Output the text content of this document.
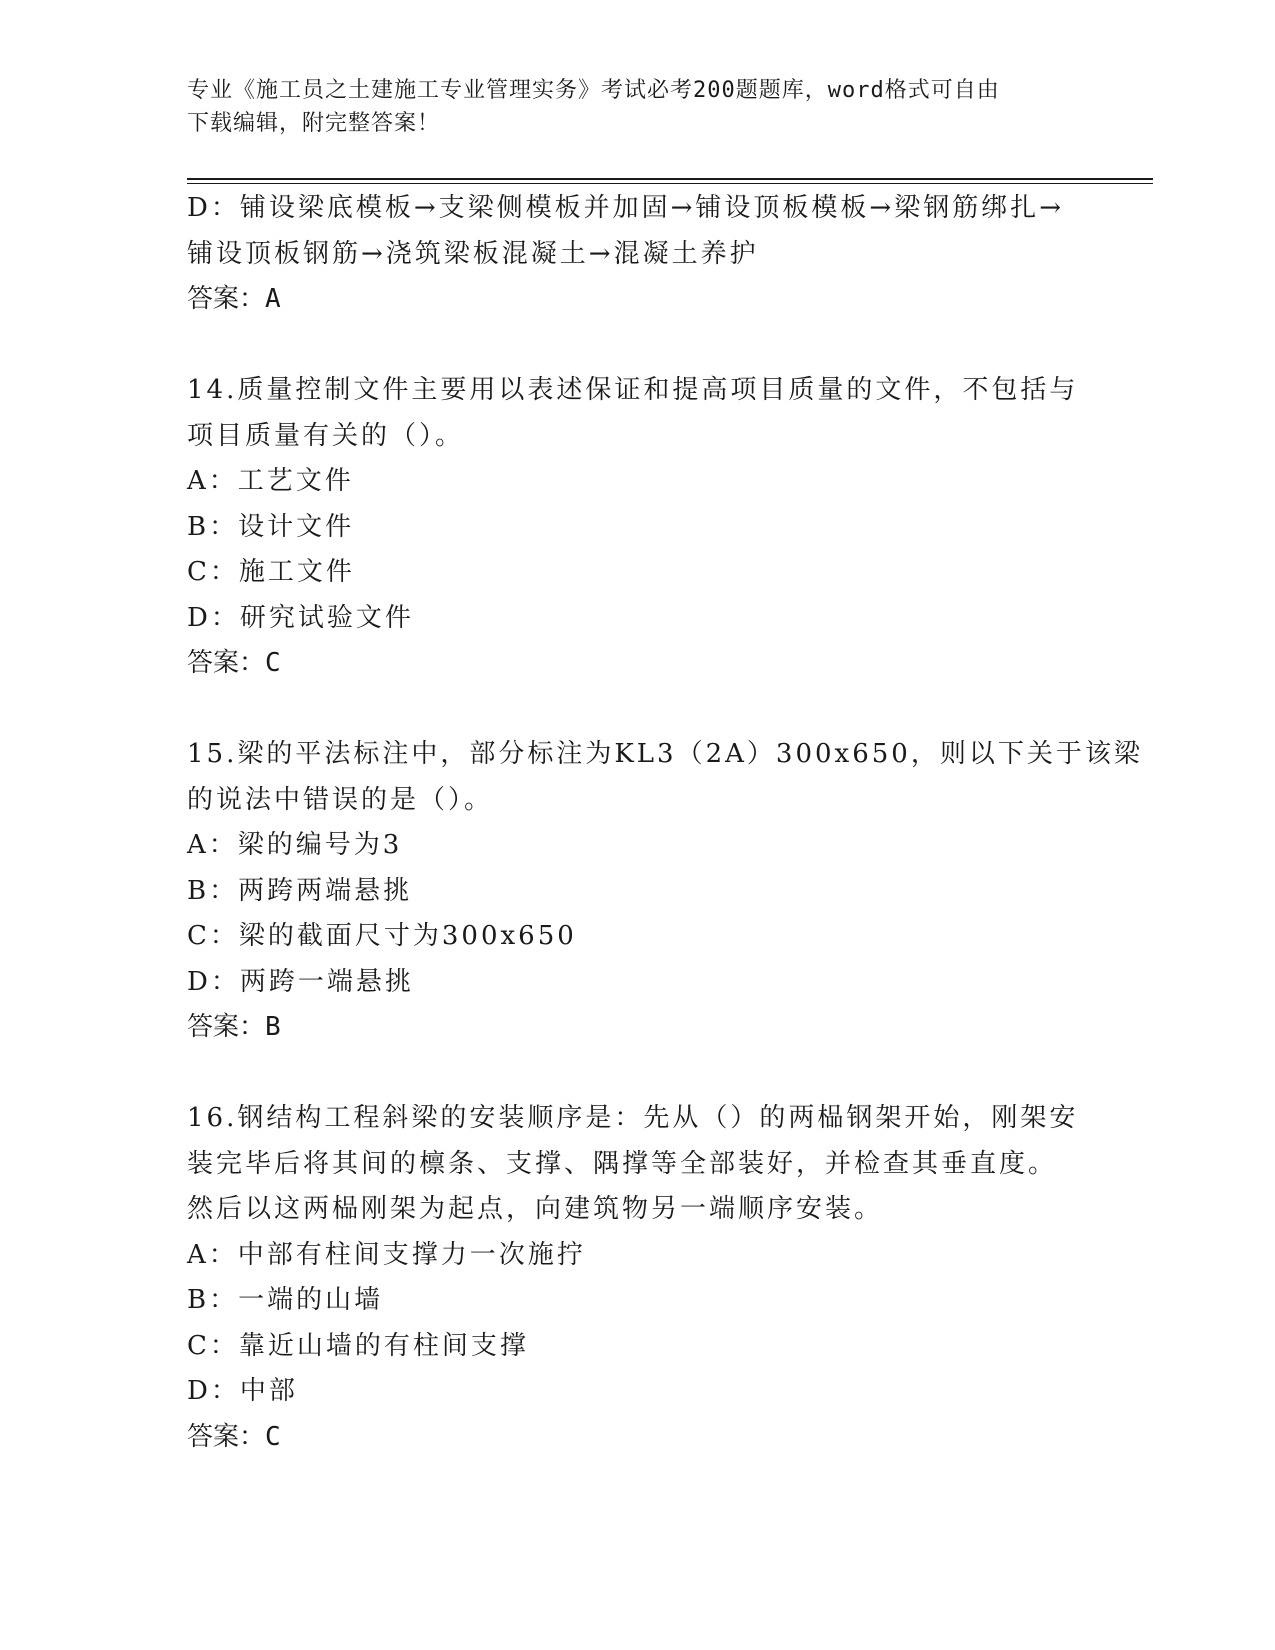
专业《施工员之土建施工专业管理实务》考试必考200题题库，word格式可自由
下载编辑，附完整答案！
D：铺设梁底模板→支梁侧模板并加固→铺设顶板模板→梁钢筋绑扎→
铺设顶板钢筋→浇筑梁板混凝土→混凝土养护
答案：A
14.质量控制文件主要用以表述保证和提高项目质量的文件，不包括与
项目质量有关的（）。
A：工艺文件
B：设计文件
C：施工文件
D：研究试验文件
答案：C
15.梁的平法标注中，部分标注为KL3（2A）300x650，则以下关于该梁
的说法中错误的是（）。
A：梁的编号为3
B：两跨两端悬挑
C：梁的截面尺寸为300x650
D：两跨一端悬挑
答案：B
16.钢结构工程斜梁的安装顺序是：先从（）的两榀钢架开始，刚架安
装完毕后将其间的檩条、支撑、隅撑等全部装好，并检查其垂直度。
然后以这两榀刚架为起点，向建筑物另一端顺序安装。
A：中部有柱间支撑力一次施拧
B：一端的山墙
C：靠近山墙的有柱间支撑
D：中部
答案：C
